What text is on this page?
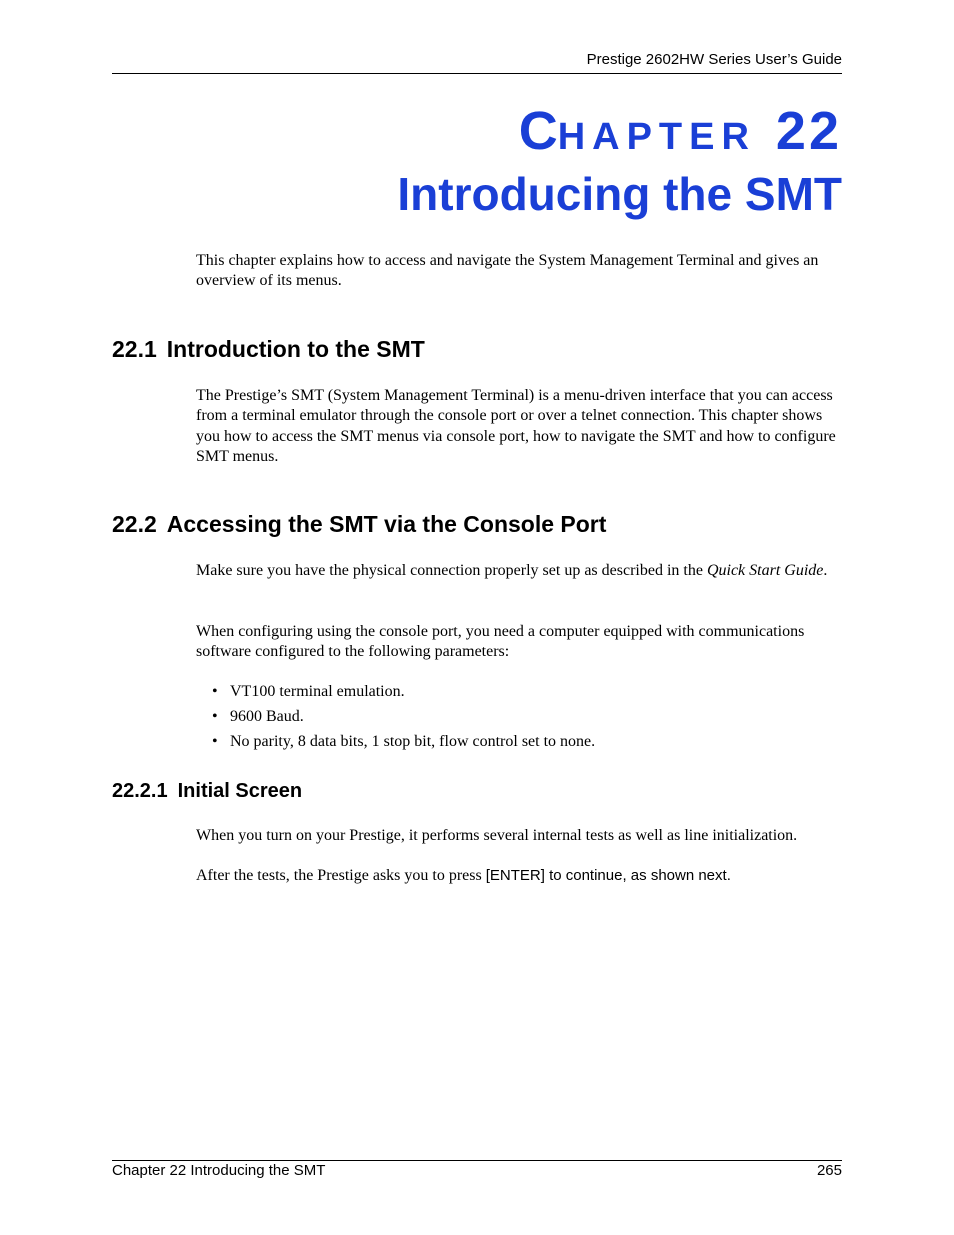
Prestige 2602HW Series User’s Guide
CHAPTER 22
Introducing the SMT

This chapter explains how to access and navigate the System Management Terminal and gives an overview of its menus.

22.1 Introduction to the SMT

The Prestige’s SMT (System Management Terminal) is a menu-driven interface that you can access from a terminal emulator through the console port or over a telnet connection. This chapter shows you how to access the SMT menus via console port, how to navigate the SMT and how to configure SMT menus.

22.2 Accessing the SMT via the Console Port

Make sure you have the physical connection properly set up as described in the Quick Start Guide.

When configuring using the console port, you need a computer equipped with communications software configured to the following parameters:

• VT100 terminal emulation.
• 9600 Baud.
• No parity, 8 data bits, 1 stop bit, flow control set to none.
22.2.1 Initial Screen

When you turn on your Prestige, it performs several internal tests as well as line initialization.

After the tests, the Prestige asks you to press [ENTER] to continue, as shown next.

Chapter 22 Introducing the SMT	265
